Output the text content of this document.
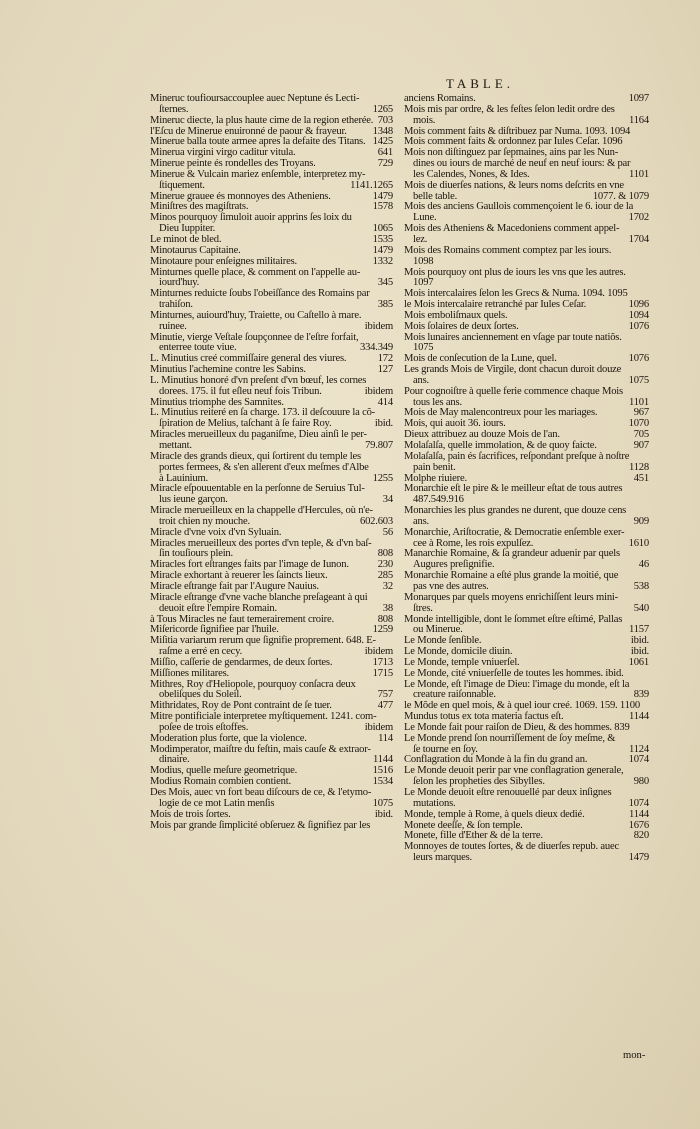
TABLE.
Mineruc toufioursaccouplee auec Neptune és Lecti-
ſternes.	1265
Mineruc diecte, la plus haute cime de la region etherée. 703
l'Eſcu de Minerue enuironné de paour & frayeur. 1348
Minerue balla toute armee apres la defaite des Titans. 1425
Minerua virgini virgo caditur vitula.	641
Minerue peinte és rondelles des Troyans.	729
Minerue & Vulcain mariez enſemble, interpretez my-
ſtiquement.	1141.1265
Minerue grauee és monnoyes des Atheniens.	1479
Miniſtres des magiſtrats.	1578
Minos pourquoy ſimuloit auoir apprins ſes loix du
Dieu Iuppiter.	1065
Le minot de bled.	1535
Minotaurus Capitaine.	1479
Minotaure pour enſeignes militaires.	1332
Minturnes quelle place, & comment on l'appelle au-
iourd'huy.	345
Minturnes reduicte ſoubs l'obeiſſance des Romains par
trahiſon.	385
Minturnes, auiourd'huy, Traiette, ou Caſtello à mare.
ruinee.	ibidem
Minutie, vierge Veſtale ſoupçonnee de l'eſtre forfait,
enterree toute viue.	334.349
L. Minutius creé commiſſaire general des viures.	172
Minutius l'achemine contre les Sabins.	127
L. Minutius honoré d'vn preſent d'vn bœuf, les cornes
dorees. 175. il fut eſleu neuf fois Tribun.	ibidem
Minutius triomphe des Samnites.	414
L. Minutius reiteré en ſa charge. 173. il deſcouure la cõ-
ſpiration de Melius, taſchant à ſe faire Roy.	ibid.
Miracles merueilleux du paganiſme, Dieu ainſi le per-
mettant.	79.807
Miracle des grands dieux, qui ſortirent du temple les
portes fermees, & s'en allerent d'eux meſmes d'Albe
à Lauinium.	1255
Miracle eſpouuentable en la perſonne de Seruius Tul-
lus ieune garçon.	34
Miracle merueilleux en la chappelle d'Hercules, où n'e-
troit chien ny mouche.	602.603
Miracle d'vne voix d'vn Syluain.	56
Miracles merueilleux des portes d'vn teple, & d'vn baſ-
ſin touſiours plein.	808
Miracles fort eſtranges faits par l'image de Iunon.	230
Miracle exhortant à reuerer les ſaincts lieux.	285
Miracle eſtrange fait par l'Augure Nauius.	32
Miracle eſtrange d'vne vache blanche preſageant à qui
deuoit eſtre l'empire Romain.	38
à Tous Miracles ne faut temerairement croire.	808
Miſericorde ſignifiee par l'huile.	1259
Miſitia variarum rerum que ſignifie proprement. 648. E-
raſme a erré en cecy.	ibidem
Miſſio, caſſerie de gendarmes, de deux ſortes.	1713
Miſſiones militares.	1715
Mithres, Roy d'Heliopole, pourquoy conſacra deux
obeliſques du Soleil.	757
Mithridates, Roy de Pont contraint de ſe tuer.	477
Mitre pontificiale interpretee myſtiquement. 1241. com-
poſee de trois eſtoffes.	ibidem
Moderation plus forte, que la violence.	114
Modimperator, maiſtre du feſtin, mais cauſe & extraor-
dinaire.	1144
Modius, quelle meſure geometrique.	1516
Modius Romain combien contient.	1534
Des Mois, auec vn fort beau diſcours de ce, & l'etymo-
logie de ce mot Latin menſis	1075
Mois de trois ſortes.	ibid.
Mois par grande ſimplicité obſeruez & ſignifiez par les
anciens Romains.	1097
Mois mis par ordre, & les feſtes ſelon ledit ordre des
mois.	1164
Mois comment faits & diſtribuez par Numa. 1093. 1094
Mois comment faits & ordonnez par Iules Ceſar. 1096
Mois non diſtinguez par ſepmaines, ains par les Nun-
dines ou iours de marché de neuf en neuf iours: & par
les Calendes, Nones, & Ides.	1101
Mois de diuerſes nations, & leurs noms deſcrits en vne
belle table.	1077. & 1079
Mois des anciens Gaullois commençoient le 6. iour de la
Lune.	1702
Mois des Atheniens & Macedoniens comment appel-
lez.	1704
Mois des Romains comment comptez par les iours.
1098
Mois pourquoy ont plus de iours les vns que les autres.
1097
Mois intercalaires ſelon les Grecs & Numa. 1094. 1095
le Mois intercalaire retranché par Iules Ceſar.	1096
Mois emboliſmaux quels.	1094
Mois ſolaires de deux ſortes.	1076
Mois lunaires anciennement en vſage par toute natiõs.
1075
Mois de conſecution de la Lune, quel.	1076
Les grands Mois de Virgile, dont chacun duroit douze
ans.	1075
Pour cognoiſtre à quelle ferie commence chaque Mois
tous les ans.	1101
Mois de May malencontreux pour les mariages.	967
Mois, qui auoit 36. iours.	1070
Dieux attribuez au douze Mois de l'an.	705
Molaſalſa, quelle immolation, & de quoy faicte.	907
Molaſalſa, pain és ſacrifices, reſpondant preſque à noſtre
pain benit.	1128
Molphe riuiere.	451
Monarchie eſt le pire & le meilleur eſtat de tous autres
487.549.916
Monarchies les plus grandes ne durent, que douze cens
ans.	909
Monarchie, Ariſtocratie, & Democratie enſemble exer-
cee à Rome, les rois expulſez.	1610
Manarchie Romaine, & ſa grandeur aduenir par quels
Augures preſignifie.	46
Monarchie Romaine a eſté plus grande la moitié, que
pas vne des autres.	538
Monarques par quels moyens enrichiſſent leurs mini-
ſtres.	540
Monde intelligible, dont le ſommet eſtre eſtimé, Pallas
ou Minerue.	1157
Le Monde ſenſible.	ibid.
Le Monde, domicile diuin.	ibid.
Le Monde, temple vniuerſel.	1061
Le Monde, cité vniuerſelle de toutes les hommes. ibid.
Le Monde, eſt l'image de Dieu: l'image du monde, eſt la
creature raiſonnable.	839
le Mõde en quel mois, & à quel iour creé. 1069. 159. 1100
Mundus totus ex tota materia factus eſt.	1144
Le Monde fait pour raiſon de Dieu, & des hommes. 839
Le Monde prend ſon nourriſſement de ſoy meſme, &
ſe tourne en ſoy.	1124
Conflagration du Monde à la fin du grand an.	1074
Le Monde deuoit perir par vne conflagration generale,
ſelon les propheties des Sibylles.	980
Le Monde deuoit eſtre renouuellé par deux inſignes
mutations.	1074
Monde, temple à Rome, à quels dieux dedié.	1144
Monete deeſſe, & ſon temple.	1676
Monete, fille d'Ether & de la terre.	820
Monnoyes de toutes ſortes, & de diuerſes repub. auec
leurs marques.	1479
mon-
